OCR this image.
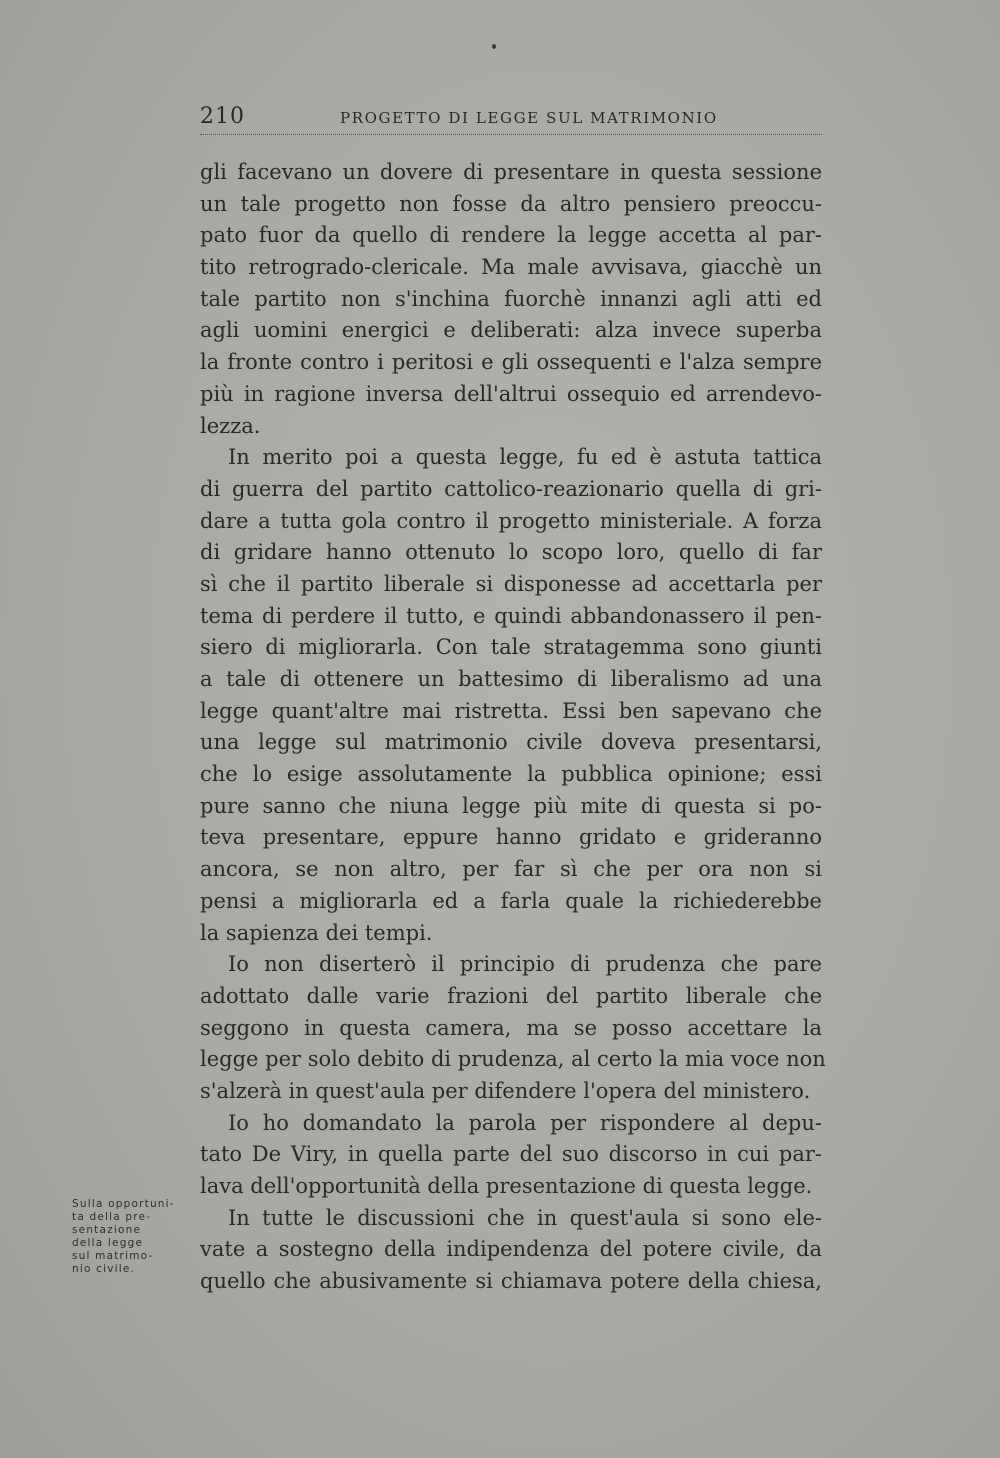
210	PROGETTO DI LEGGE SUL MATRIMONIO
gli facevano un dovere di presentare in questa sessione
un tale progetto non fosse da altro pensiero preoccu-
pato fuor da quello di rendere la legge accetta al par-
tito retrogrado-clericale. Ma male avvisava, giacchè un
tale partito non s'inchina fuorchè innanzi agli atti ed
agli uomini energici e deliberati: alza invece superba
la fronte contro i peritosi e gli ossequenti e l'alza sempre
più in ragione inversa dell'altrui ossequio ed arrendevo-
lezza.
In merito poi a questa legge, fu ed è astuta tattica
di guerra del partito cattolico-reazionario quella di gri-
dare a tutta gola contro il progetto ministeriale. A forza
di gridare hanno ottenuto lo scopo loro, quello di far
sì che il partito liberale si disponesse ad accettarla per
tema di perdere il tutto, e quindi abbandonassero il pen-
siero di migliorarla. Con tale stratagemma sono giunti
a tale di ottenere un battesimo di liberalismo ad una
legge quant'altre mai ristretta. Essi ben sapevano che
una legge sul matrimonio civile doveva presentarsi,
che lo esige assolutamente la pubblica opinione; essi
pure sanno che niuna legge più mite di questa si po-
teva presentare, eppure hanno gridato e grideranno
ancora, se non altro, per far sì che per ora non si
pensi a migliorarla ed a farla quale la richiederebbe
la sapienza dei tempi.
Io non diserterò il principio di prudenza che pare
adottato dalle varie frazioni del partito liberale che
seggono in questa camera, ma se posso accettare la
legge per solo debito di prudenza, al certo la mia voce non
s'alzerà in quest'aula per difendere l'opera del ministero.
Io ho domandato la parola per rispondere al depu-
tato De Viry, in quella parte del suo discorso in cui par-
lava dell'opportunità della presentazione di questa legge.
In tutte le discussioni che in quest'aula si sono ele-
vate a sostegno della indipendenza del potere civile, da
quello che abusivamente si chiamava potere della chiesa,
Sulla opportuni-
ta della pre-
sentazione
della legge
sul matrimo-
nio civile.
